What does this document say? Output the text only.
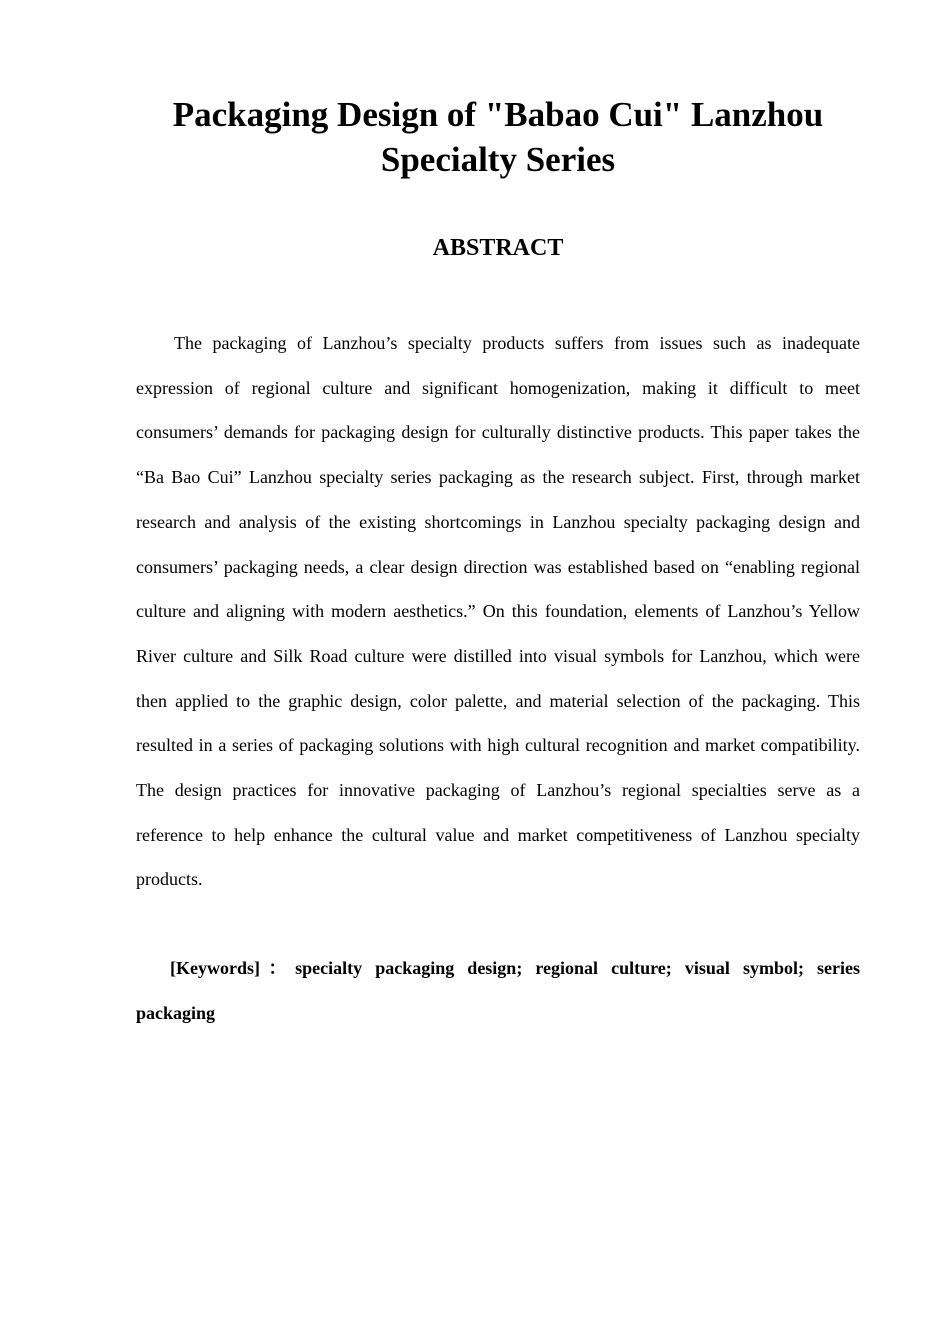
Packaging Design of "Babao Cui" Lanzhou Specialty Series
ABSTRACT

The packaging of Lanzhou’s specialty products suffers from issues such as inadequate expression of regional culture and significant homogenization, making it difficult to meet consumers’ demands for packaging design for culturally distinctive products. This paper takes the “Ba Bao Cui” Lanzhou specialty series packaging as the research subject. First, through market research and analysis of the existing shortcomings in Lanzhou specialty packaging design and consumers’ packaging needs, a clear design direction was established based on “enabling regional culture and aligning with modern aesthetics.” On this foundation, elements of Lanzhou’s Yellow River culture and Silk Road culture were distilled into visual symbols for Lanzhou, which were then applied to the graphic design, color palette, and material selection of the packaging. This resulted in a series of packaging solutions with high cultural recognition and market compatibility. The design practices for innovative packaging of Lanzhou’s regional specialties serve as a reference to help enhance the cultural value and market competitiveness of Lanzhou specialty products.

[Keywords]：specialty packaging design; regional culture; visual symbol; series packaging
